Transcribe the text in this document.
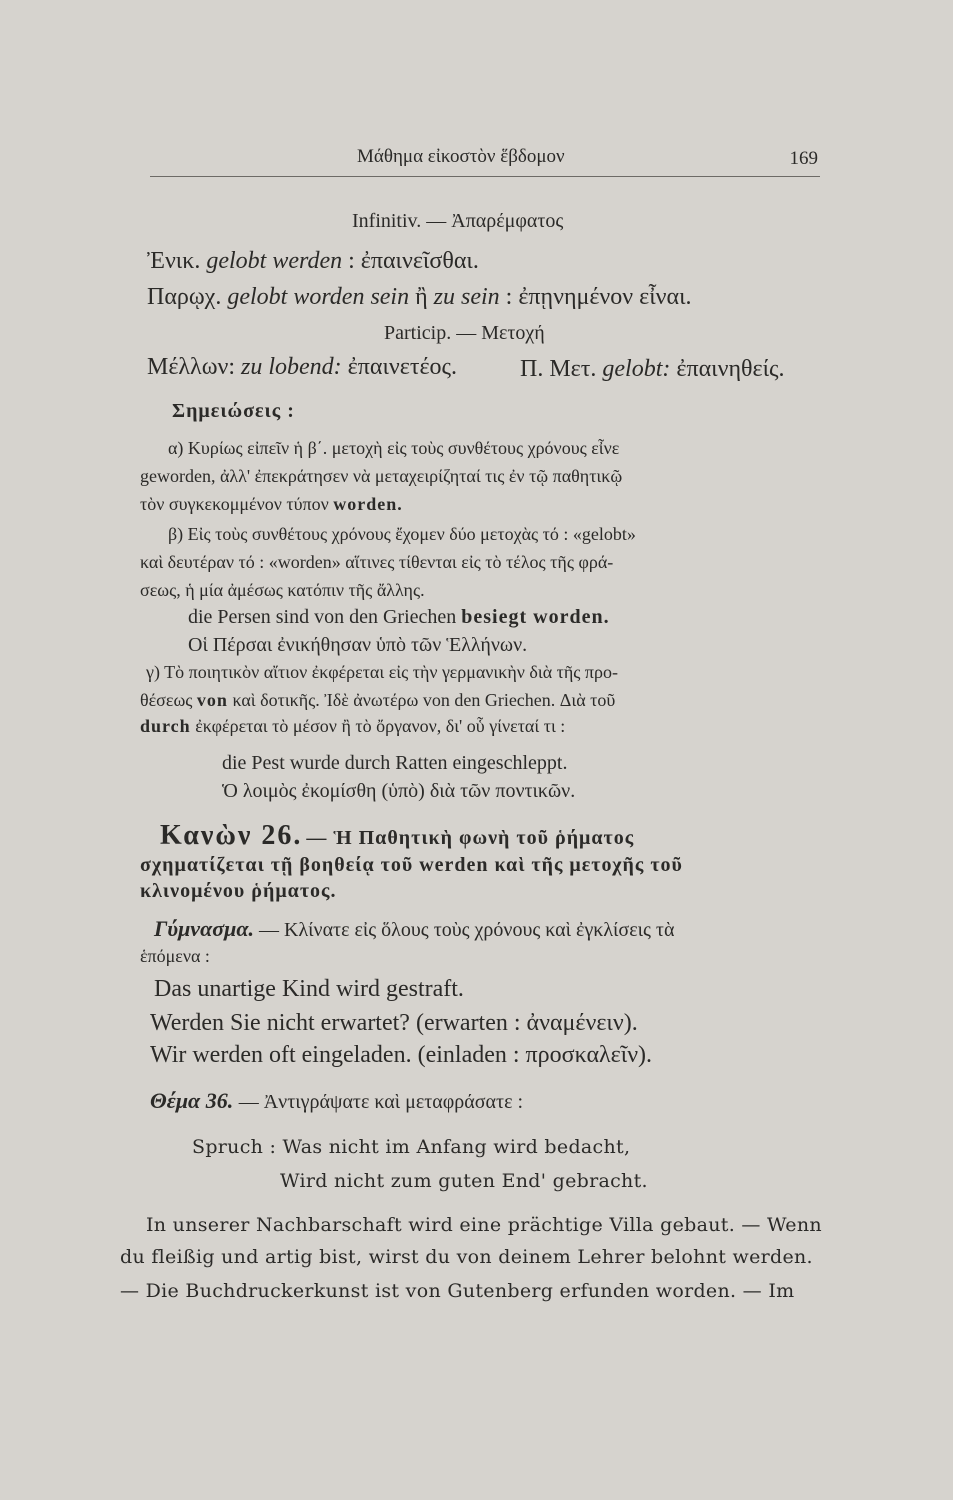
Μάθημα εἰκοστὸν ἕβδομον	169
Infinitiv. — Ἀπαρέμφατος
Ἐνικ. gelobt werden : ἐπαινεῖσθαι.
Παρῳχ. gelobt worden sein ἢ zu sein : ἐπῃνημένον εἶναι.
Particip. — Μετοχή
Μέλλων: zu lobend: ἐπαινετέος.	Π. Μετ. gelobt: ἐπαινηθείς.
Σημειώσεις :
α) Κυρίως εἰπεῖν ἡ β΄. μετοχὴ εἰς τοὺς συνθέτους χρόνους εἶνε
geworden, ἀλλ' ἐπεκράτησεν νὰ μεταχειρίζηταί τις ἐν τῷ παθητικῷ
τὸν συγκεκομμένον τύπον worden.
β) Εἰς τοὺς συνθέτους χρόνους ἔχομεν δύο μετοχὰς τό : «gelobt»
καὶ δευτέραν τό : «worden» αἵτινες τίθενται εἰς τὸ τέλος τῆς φρά-
σεως, ἡ μία ἀμέσως κατόπιν τῆς ἄλλης.
die Persen sind von den Griechen besiegt worden.
Οἱ Πέρσαι ἐνικήθησαν ὑπὸ τῶν Ἑλλήνων.
γ) Τὸ ποιητικὸν αἴτιον ἐκφέρεται εἰς τὴν γερμανικὴν διὰ τῆς προ-
θέσεως von καὶ δοτικῆς. Ἰδὲ ἀνωτέρω von den Griechen. Διὰ τοῦ
durch ἐκφέρεται τὸ μέσον ἢ τὸ ὄργανον, δι' οὗ γίνεταί τι :
die Pest wurde durch Ratten eingeschleppt.
Ὁ λοιμὸς ἐκομίσθη (ὑπὸ) διὰ τῶν ποντικῶν.
Κανὼν 26. — Ἡ Παθητικὴ φωνὴ τοῦ ῥήματος
σχηματίζεται τῇ βοηθείᾳ τοῦ werden καὶ τῆς μετοχῆς τοῦ
κλινομένου ῥήματος.
Γύμνασμα. — Κλίνατε εἰς ὅλους τοὺς χρόνους καὶ ἐγκλίσεις τὰ
ἑπόμενα :
Das unartige Kind wird gestraft.
Werden Sie nicht erwartet? (erwarten : ἀναμένειν).
Wir werden oft eingeladen. (einladen : προσκαλεῖν).
Θέμα 36. — Ἀντιγράψατε καὶ μεταφράσατε :
Spruch : Was nicht im Anfang wird bedacht,
Wird nicht zum guten End' gebracht.
In unserer Nachbarschaft wird eine prächtige Villa gebaut. — Wenn
du fleißig und artig bist, wirst du von deinem Lehrer belohnt werden.
— Die Buchdruckerkunst ist von Gutenberg erfunden worden. — Im
